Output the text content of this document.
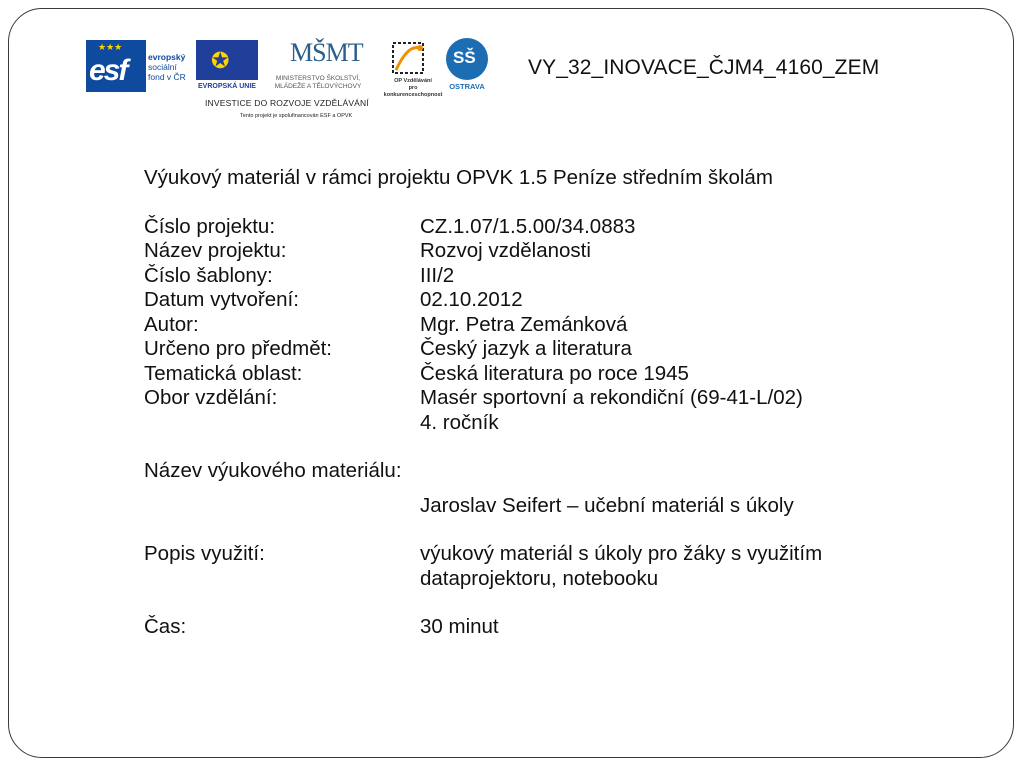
VY_32_INOVACE_ČJM4_4160_ZEM
★★★
esf	evropský
sociální
fond v ČR
✪
EVROPSKÁ UNIE
MŠMT
MINISTERSTVO ŠKOLSTVÍ,
MLÁDEŽE A TĚLOVÝCHOVY
OP Vzdělávání
pro konkurenceschopnost
SŠ
OSTRAVA
INVESTICE DO ROZVOJE VZDĚLÁVÁNÍ
Tento projekt je spolufinancován ESF a OPVK
Výukový materiál v rámci projektu OPVK 1.5 Peníze středním školám
Číslo projektu:	CZ.1.07/1.5.00/34.0883
Název projektu:	Rozvoj vzdělanosti
Číslo šablony:	III/2
Datum vytvoření:	02.10.2012
Autor:	Mgr. Petra Zemánková
Určeno pro předmět:	Český jazyk a literatura
Tematická oblast:	Česká literatura po roce 1945
Obor vzdělání:	Masér sportovní a rekondiční (69-41-L/02)
4. ročník
Název výukového materiálu:
Jaroslav Seifert – učební materiál s úkoly
Popis využití:	výukový materiál s úkoly pro žáky s využitím
dataprojektoru, notebooku
Čas:	30 minut
